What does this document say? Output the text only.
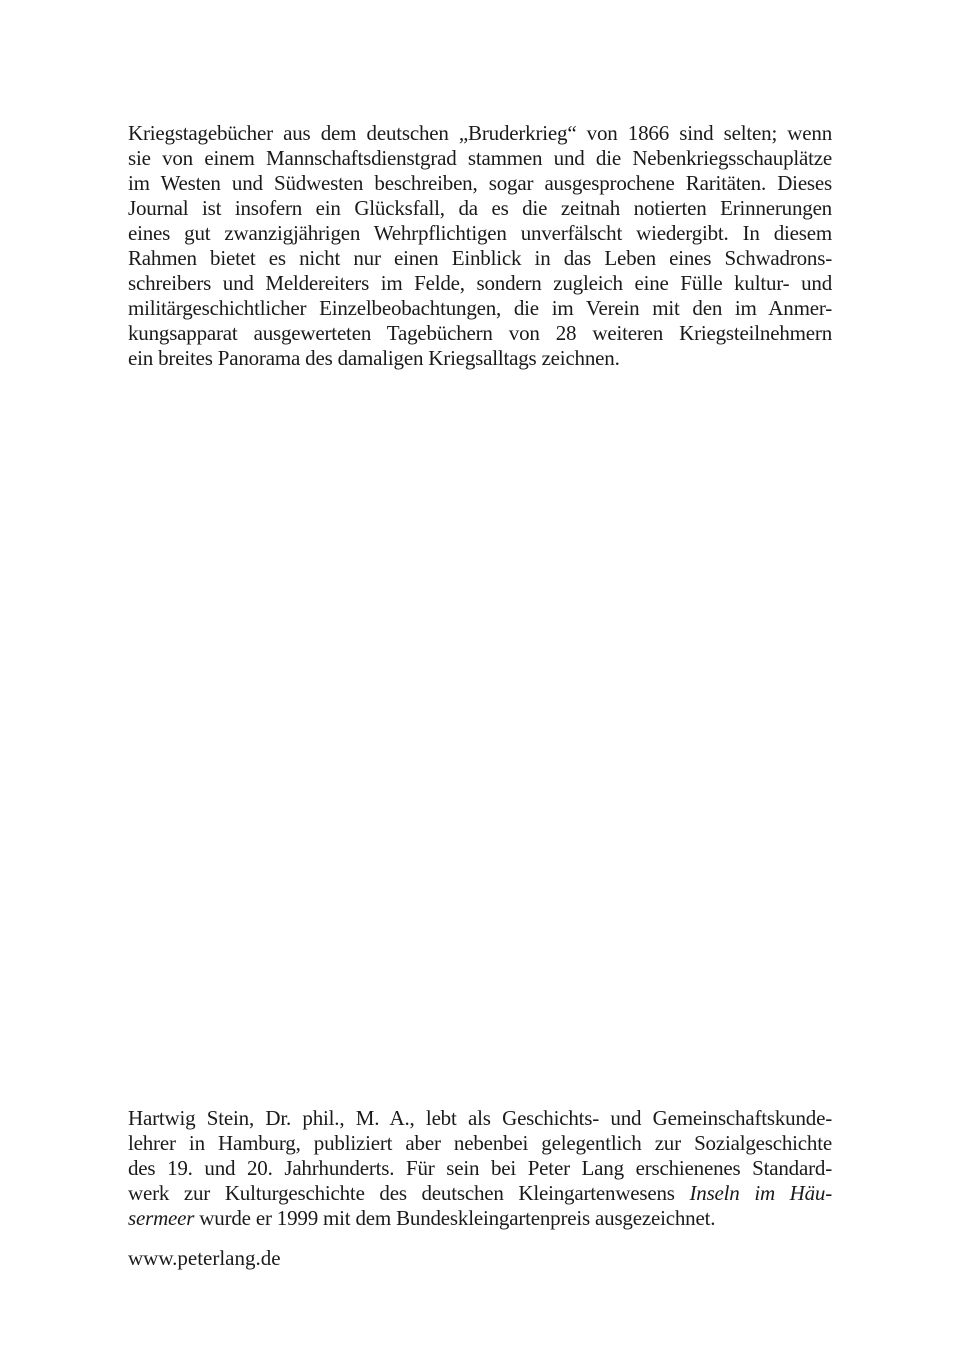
Kriegstagebücher aus dem deutschen „Bruderkrieg“ von 1866 sind selten; wenn
sie von einem Mannschaftsdienstgrad stammen und die Nebenkriegsschauplätze
im Westen und Südwesten beschreiben, sogar ausgesprochene Raritäten. Dieses
Journal ist insofern ein Glücksfall, da es die zeitnah notierten Erinnerungen
eines gut zwanzigjährigen Wehrpflichtigen unverfälscht wiedergibt. In diesem
Rahmen bietet es nicht nur einen Einblick in das Leben eines Schwadrons-
schreibers und Meldereiters im Felde, sondern zugleich eine Fülle kultur- und
militärgeschichtlicher Einzelbeobachtungen, die im Verein mit den im Anmer-
kungsapparat ausgewerteten Tagebüchern von 28 weiteren Kriegsteilnehmern
ein breites Panorama des damaligen Kriegsalltags zeichnen.
Hartwig Stein, Dr. phil., M. A., lebt als Geschichts- und Gemeinschaftskunde-
lehrer in Hamburg, publiziert aber nebenbei gelegentlich zur Sozialgeschichte
des 19. und 20. Jahrhunderts. Für sein bei Peter Lang erschienenes Standard-
werk zur Kulturgeschichte des deutschen Kleingartenwesens Inseln im Häu-
sermeer wurde er 1999 mit dem Bundeskleingartenpreis ausgezeichnet.
www.peterlang.de
